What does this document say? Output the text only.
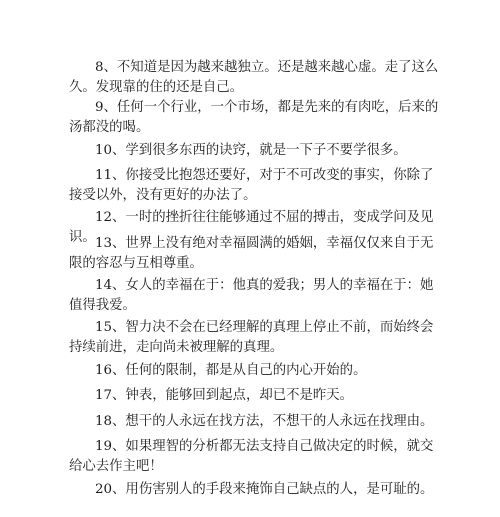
8、不知道是因为越来越独立。还是越来越心虚。走了这么久。发现靠的住的还是自己。

9、任何一个行业，一个市场，都是先来的有肉吃，后来的汤都没的喝。

10、学到很多东西的诀窍，就是一下子不要学很多。

11、你接受比抱怨还要好，对于不可改变的事实，你除了接受以外，没有更好的办法了。

12、一时的挫折往往能够通过不屈的搏击，变成学问及见识。 13、世界上没有绝对幸福圆满的婚姻，幸福仅仅来自于无限的容忍与互相尊重。

14、女人的幸福在于：他真的爱我；男人的幸福在于：她值得我爱。

15、智力决不会在已经理解的真理上停止不前，而始终会持续前进，走向尚未被理解的真理。

16、任何的限制，都是从自己的内心开始的。

17、钟表，能够回到起点，却已不是昨天。

18、想干的人永远在找方法，不想干的人永远在找理由。

19、如果理智的分析都无法支持自己做决定的时候，就交给心去作主吧！

20、用伤害别人的手段来掩饰自己缺点的人，是可耻的。
